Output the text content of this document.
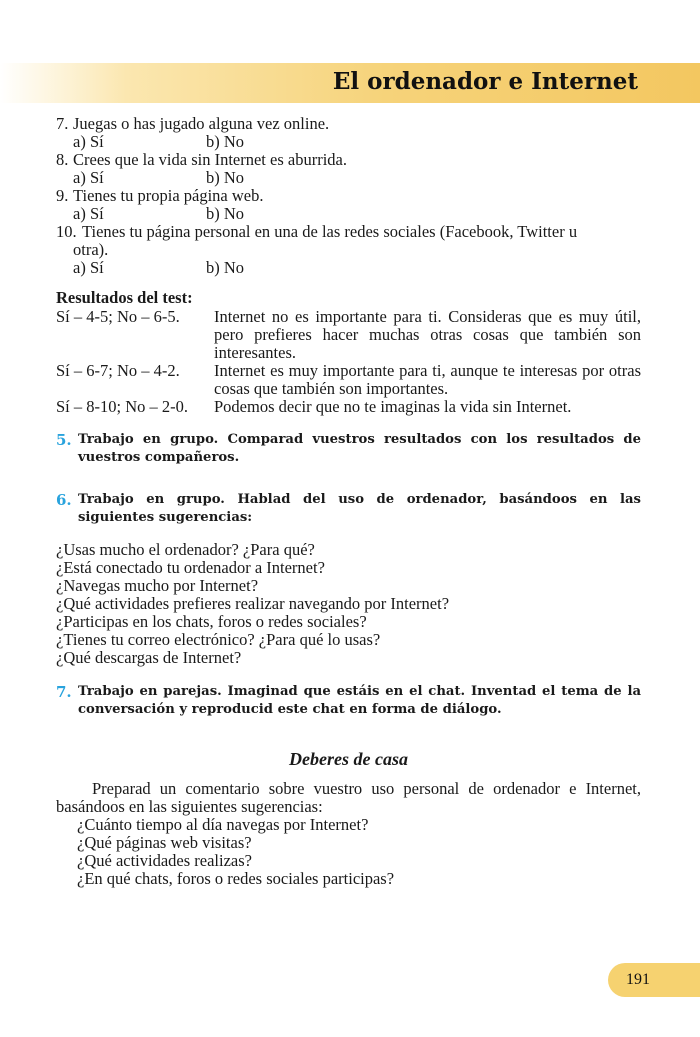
El ordenador e Internet
7. Juegas o has jugado alguna vez online.
a) Sí	b) No
8. Crees que la vida sin Internet es aburrida.
a) Sí	b) No
9. Tienes tu propia página web.
a) Sí	b) No
10. Tienes tu página personal en una de las redes sociales (Facebook, Twitter u
otra).
a) Sí	b) No
Resultados del test:
Sí – 4-5; No – 6-5.	Internet no es importante para ti. Consideras que es muy útil, pero prefieres hacer muchas otras cosas que también son interesantes.
Sí – 6-7; No – 4-2.	Internet es muy importante para ti, aunque te interesas por otras cosas que también son importantes.
Sí – 8-10; No – 2-0.	Podemos decir que no te imaginas la vida sin Internet.
5. Trabajo en grupo. Comparad vuestros resultados con los resultados de vuestros compañeros.
6. Trabajo en grupo. Hablad del uso de ordenador, basándoos en las siguientes sugerencias:
¿Usas mucho el ordenador? ¿Para qué?
¿Está conectado tu ordenador a Internet?
¿Navegas mucho por Internet?
¿Qué actividades prefieres realizar navegando por Internet?
¿Participas en los chats, foros o redes sociales?
¿Tienes tu correo electrónico? ¿Para qué lo usas?
¿Qué descargas de Internet?
7. Trabajo en parejas. Imaginad que estáis en el chat. Inventad el tema de la conversación y reproducid este chat en forma de diálogo.
Deberes de casa
Preparad un comentario sobre vuestro uso personal de ordenador e Internet, basándoos en las siguientes sugerencias:
¿Cuánto tiempo al día navegas por Internet?
¿Qué páginas web visitas?
¿Qué actividades realizas?
¿En qué chats, foros o redes sociales participas?
191
